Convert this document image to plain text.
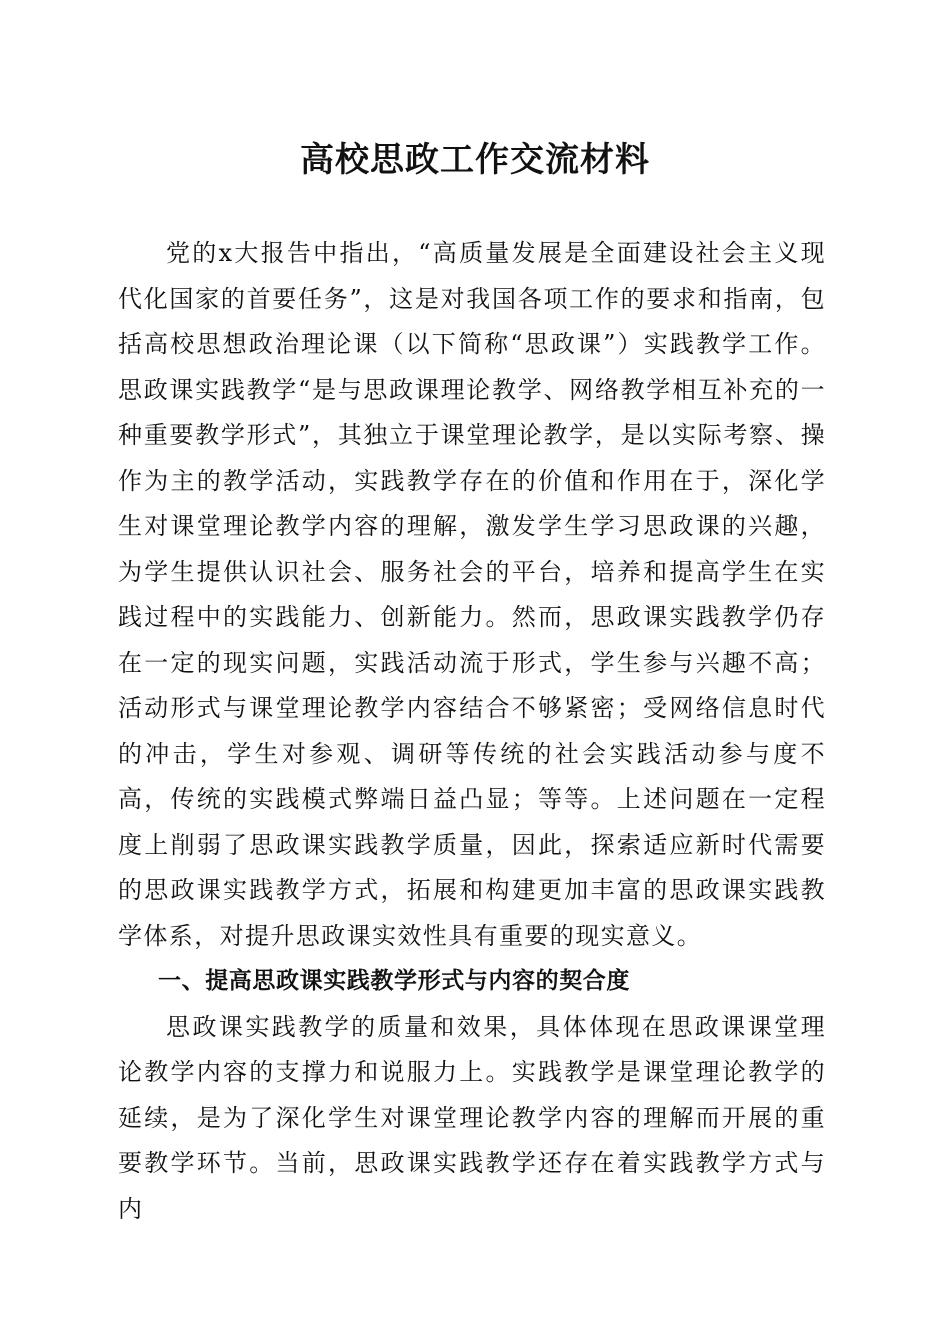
高校思政工作交流材料

党的x大报告中指出，“高质量发展是全面建设社会主义现代化国家的首要任务”，这是对我国各项工作的要求和指南，包括高校思想政治理论课（以下简称“思政课”）实践教学工作。思政课实践教学“是与思政课理论教学、网络教学相互补充的一种重要教学形式”，其独立于课堂理论教学，是以实际考察、操作为主的教学活动，实践教学存在的价值和作用在于，深化学生对课堂理论教学内容的理解，激发学生学习思政课的兴趣，为学生提供认识社会、服务社会的平台，培养和提高学生在实践过程中的实践能力、创新能力。然而，思政课实践教学仍存在一定的现实问题，实践活动流于形式，学生参与兴趣不高；活动形式与课堂理论教学内容结合不够紧密；受网络信息时代的冲击，学生对参观、调研等传统的社会实践活动参与度不高，传统的实践模式弊端日益凸显；等等。上述问题在一定程度上削弱了思政课实践教学质量，因此，探索适应新时代需要的思政课实践教学方式，拓展和构建更加丰富的思政课实践教学体系，对提升思政课实效性具有重要的现实意义。

一、提高思政课实践教学形式与内容的契合度

思政课实践教学的质量和效果，具体体现在思政课课堂理论教学内容的支撑力和说服力上。实践教学是课堂理论教学的延续，是为了深化学生对课堂理论教学内容的理解而开展的重要教学环节。当前，思政课实践教学还存在着实践教学方式与内
